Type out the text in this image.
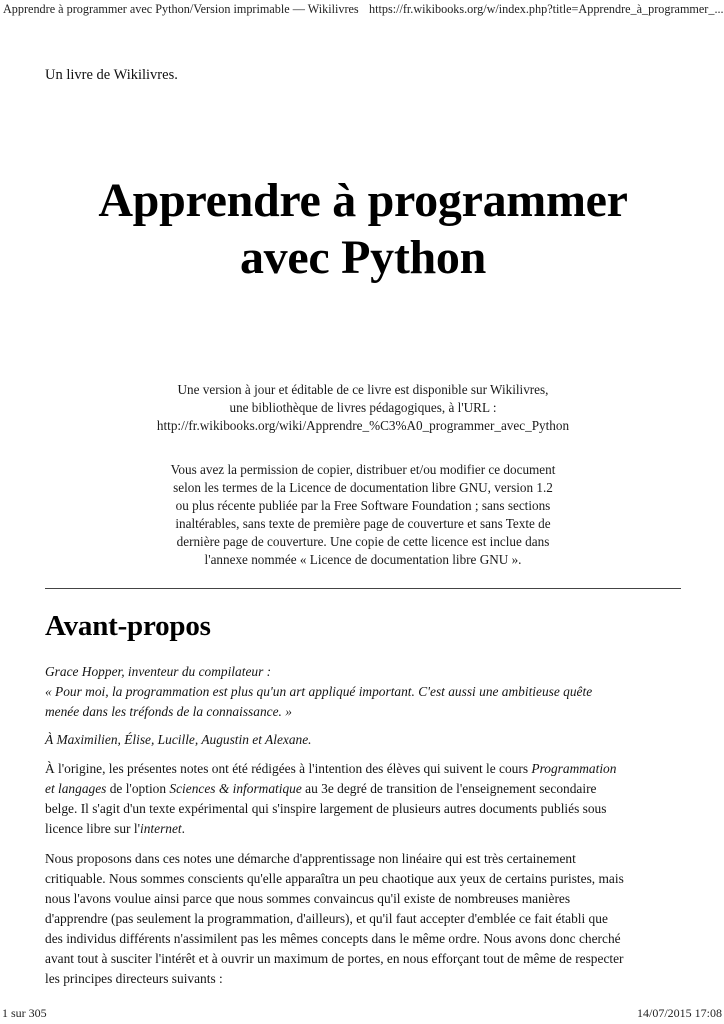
Apprendre à programmer avec Python/Version imprimable — Wikilivres https://fr.wikibooks.org/w/index.php?title=Apprendre_à_programmer_...
Un livre de Wikilivres.
Apprendre à programmer
avec Python

Une version à jour et éditable de ce livre est disponible sur Wikilivres,
une bibliothèque de livres pédagogiques, à l'URL :
http://fr.wikibooks.org/wiki/Apprendre_%C3%A0_programmer_avec_Python

Vous avez la permission de copier, distribuer et/ou modifier ce document
selon les termes de la Licence de documentation libre GNU, version 1.2
ou plus récente publiée par la Free Software Foundation ; sans sections
inaltérables, sans texte de première page de couverture et sans Texte de
dernière page de couverture. Une copie de cette licence est inclue dans
l'annexe nommée « Licence de documentation libre GNU ».

Avant-propos

Grace Hopper, inventeur du compilateur :
« Pour moi, la programmation est plus qu'un art appliqué important. C'est aussi une ambitieuse quête
menée dans les tréfonds de la connaissance. »

À Maximilien, Élise, Lucille, Augustin et Alexane.

À l'origine, les présentes notes ont été rédigées à l'intention des élèves qui suivent le cours Programmation
et langages de l'option Sciences & informatique au 3e degré de transition de l'enseignement secondaire
belge. Il s'agit d'un texte expérimental qui s'inspire largement de plusieurs autres documents publiés sous
licence libre sur l'internet.

Nous proposons dans ces notes une démarche d'apprentissage non linéaire qui est très certainement
critiquable. Nous sommes conscients qu'elle apparaîtra un peu chaotique aux yeux de certains puristes, mais
nous l'avons voulue ainsi parce que nous sommes convaincus qu'il existe de nombreuses manières
d'apprendre (pas seulement la programmation, d'ailleurs), et qu'il faut accepter d'emblée ce fait établi que
des individus différents n'assimilent pas les mêmes concepts dans le même ordre. Nous avons donc cherché
avant tout à susciter l'intérêt et à ouvrir un maximum de portes, en nous efforçant tout de même de respecter
les principes directeurs suivants :

1 sur 305	14/07/2015 17:08
